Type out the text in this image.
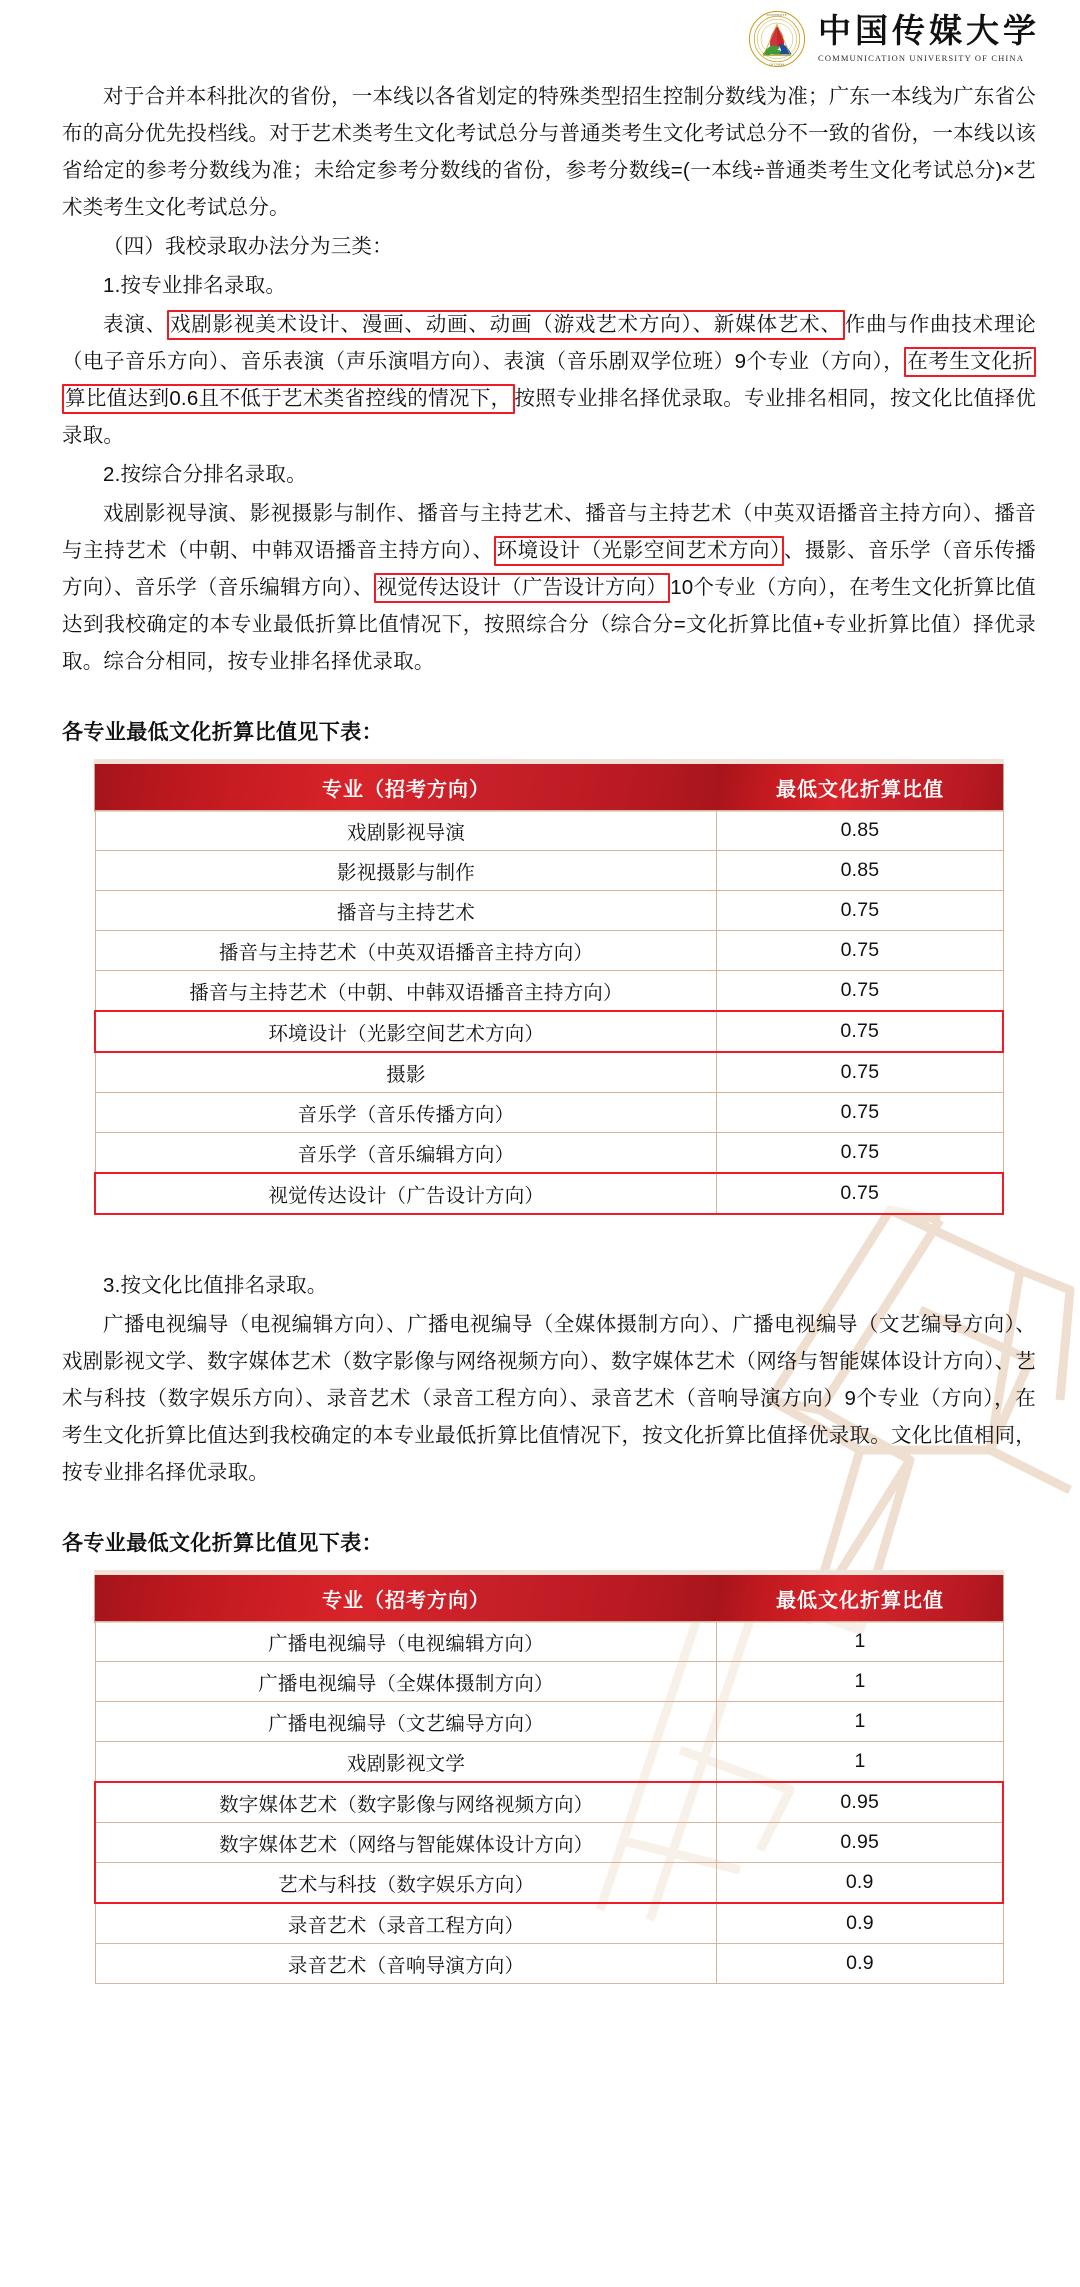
UNIVERSITY
OF CHINA
中国传媒大学
COMMUNICATION UNIVERSITY OF CHINA

对于合并本科批次的省份，一本线以各省划定的特殊类型招生控制分数线为准；广东一本线为广东省公布的高分优先投档线。对于艺术类考生文化考试总分与普通类考生文化考试总分不一致的省份，一本线以该省给定的参考分数线为准；未给定参考分数线的省份，参考分数线=(一本线÷普通类考生文化考试总分)×艺术类考生文化考试总分。

（四）我校录取办法分为三类：

1.按专业排名录取。

表演、 戏剧影视美术设计、漫画、动画、动画（游戏艺术方向）、新媒体艺术、 作曲与作曲技术理论（电子音乐方向）、音乐表演（声乐演唱方向）、表演（音乐剧双学位班）9个专业（方向）， 在考生文化折算比值达到0.6且不低于艺术类省控线的情况下， 按照专业排名择优录取。专业排名相同，按文化比值择优录取。

2.按综合分排名录取。

戏剧影视导演、影视摄影与制作、播音与主持艺术、播音与主持艺术（中英双语播音主持方向）、播音与主持艺术（中朝、中韩双语播音主持方向）、 环境设计（光影空间艺术方向） 、摄影、音乐学（音乐传播方向）、音乐学（音乐编辑方向）、 视觉传达设计（广告设计方向） 10个专业（方向），在考生文化折算比值达到我校确定的本专业最低折算比值情况下，按照综合分（综合分=文化折算比值+专业折算比值）择优录取。综合分相同，按专业排名择优录取。

各专业最低文化折算比值见下表：
专业（招考方向）	最低文化折算比值
戏剧影视导演	0.85
影视摄影与制作	0.85
播音与主持艺术	0.75
播音与主持艺术（中英双语播音主持方向）	0.75
播音与主持艺术（中朝、中韩双语播音主持方向）	0.75
环境设计（光影空间艺术方向）	0.75
摄影	0.75
音乐学（音乐传播方向）	0.75
音乐学（音乐编辑方向）	0.75
视觉传达设计（广告设计方向）	0.75

3.按文化比值排名录取。

广播电视编导（电视编辑方向）、广播电视编导（全媒体摄制方向）、广播电视编导（文艺编导方向）、戏剧影视文学、数字媒体艺术（数字影像与网络视频方向）、数字媒体艺术（网络与智能媒体设计方向）、艺术与科技（数字娱乐方向）、录音艺术（录音工程方向）、录音艺术（音响导演方向）9个专业（方向），在考生文化折算比值达到我校确定的本专业最低折算比值情况下，按文化折算比值择优录取。文化比值相同，按专业排名择优录取。

各专业最低文化折算比值见下表：
专业（招考方向）	最低文化折算比值
广播电视编导（电视编辑方向）	1
广播电视编导（全媒体摄制方向）	1
广播电视编导（文艺编导方向）	1
戏剧影视文学	1
数字媒体艺术（数字影像与网络视频方向）	0.95
数字媒体艺术（网络与智能媒体设计方向）	0.95
艺术与科技（数字娱乐方向）	0.9
录音艺术（录音工程方向）	0.9
录音艺术（音响导演方向）	0.9
